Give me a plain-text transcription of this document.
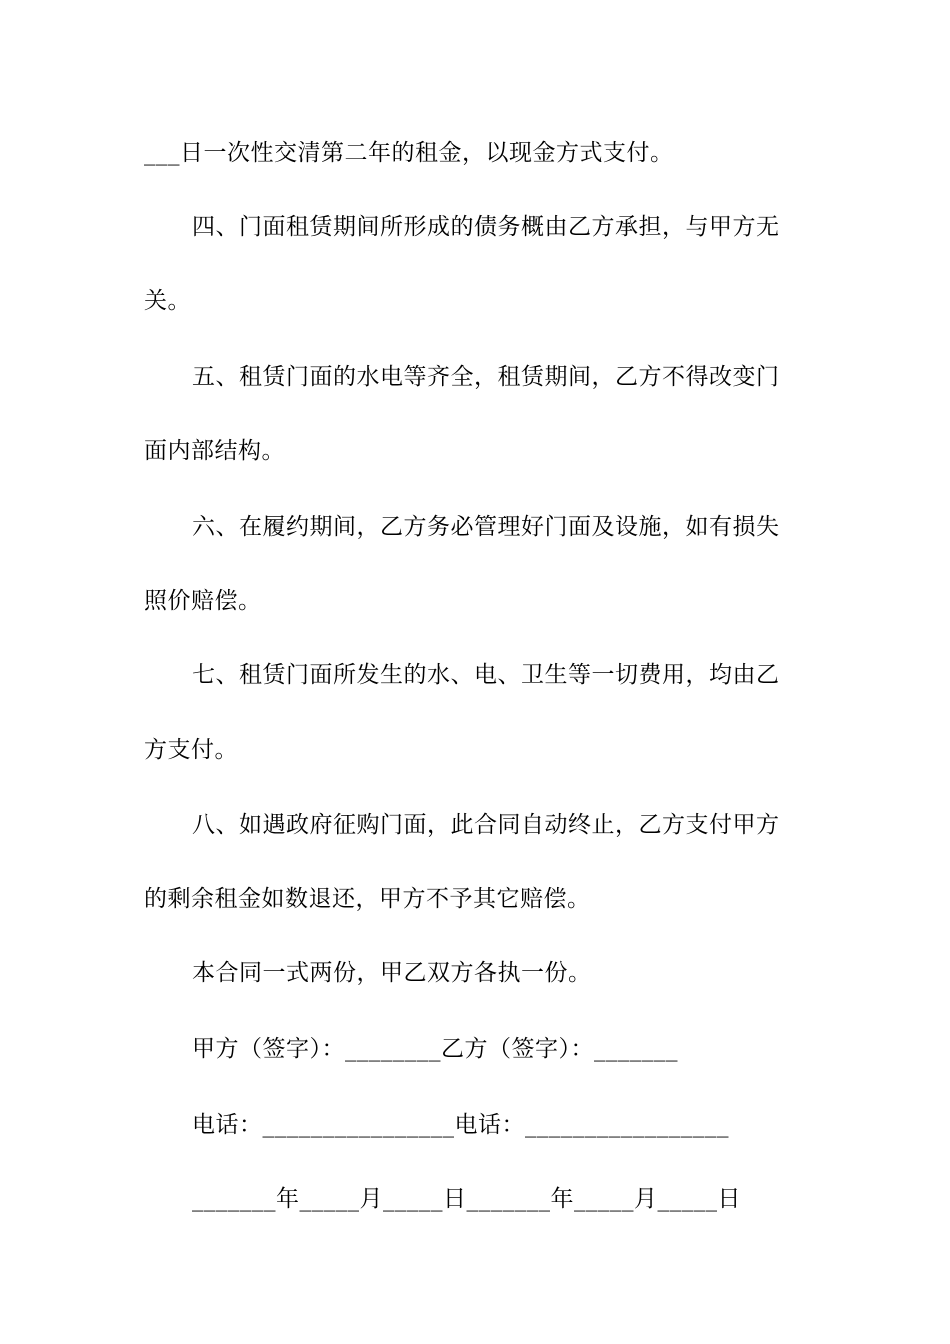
___日一次性交清第二年的租金，以现金方式支付。
四、门面租赁期间所形成的债务概由乙方承担，与甲方无
关。
五、租赁门面的水电等齐全，租赁期间，乙方不得改变门
面内部结构。
六、在履约期间，乙方务必管理好门面及设施，如有损失
照价赔偿。
七、租赁门面所发生的水、电、卫生等一切费用，均由乙
方支付。
八、如遇政府征购门面，此合同自动终止，乙方支付甲方
的剩余租金如数退还，甲方不予其它赔偿。
本合同一式两份，甲乙双方各执一份。
甲方（签字）：________乙方（签字）：_______
电话：________________电话：_________________
_______年_____月_____日_______年_____月_____日
